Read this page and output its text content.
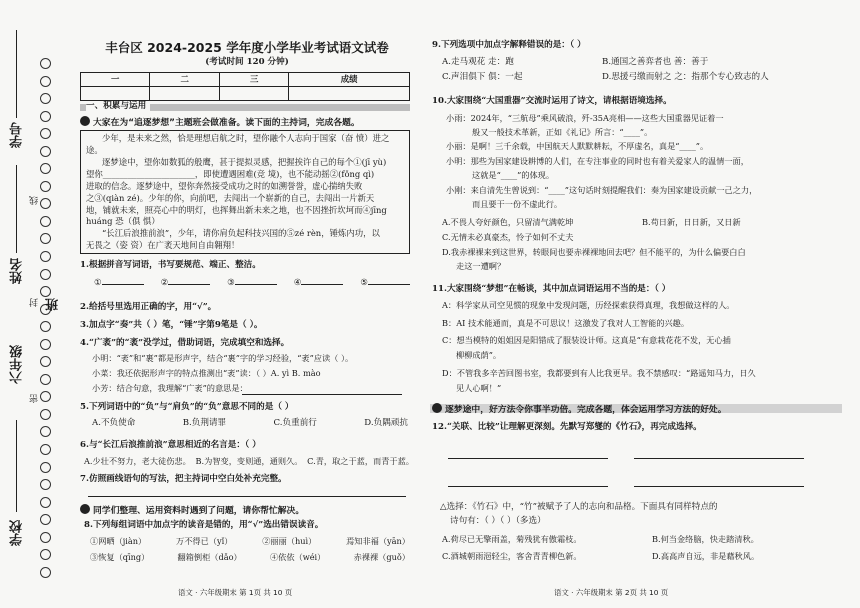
学号
线
姓名
封 班
六年级
密
学校
丰台区 2024-2025 学年度小学毕业考试语文试卷
(考试时间 120 分钟)
一	二	三	成绩

一、积累与运用
大家在为“追逐梦想”主题班会做准备。读下面的主持词，完成各题。

少年，是未来之然，恰是理想启航之时，望你融个人志向于国家（奋 愤）进之途。

逐梦途中，望你如数狐的般鹰，甚于提拟灵感，把握挨许自己的每个①(jī yù)

望你______________________，即使遭遇困难(竞 境)，也不能动摇②(fǒng qì)

进取的信念。逐梦途中，望你奔然接受成功之时的如溯誉誉，虚心揣纳失败

之③(qiàn zé)。少年的你，向前吧，去闯出一个崭新的自己，去闯出一片新天

地，铺就未来，照亮心中的明灯，也挥舞出新未来之地，也不因挫折坎坷而④jīng

huáng 恐（俱 惧）

“长江后浪推前浪”，少年，请你肩负起科技兴国的⑤zé rèn，锤炼内功，以

无畏之（姿 资）在广袤天地间自由翱翔！

1.根据拼音写词语，书写要规范、端正、整洁。
①	②	③	④	⑤
2.给括号里选用正确的字，用“√”。
3.加点字“奏”共（ ）笔，“锤”字第9笔是（ ）。
4.“广袤”的“袤”没学过，借助词语，完成填空和选择。
小明：“袤”和“裹”都是形声字，结合“裹”字的学习经验，“袤”应读（ ）。
小菜：我还依据形声字的特点推测出“袤”读：（ ）A. yì B. mào
小芳：结合句意，我理解“广袤”的意思是：
5.下列词语中的“负”与“肩负”的“负”意思不同的是（ ）
A.不负使命	B.负荆请罪	C.负重前行	D.负隅顽抗
6.与“长江后浪推前浪”意思相近的名言是：（ ）
A.少壮不努力，老大徒伤悲。 B.为智变，变则通，通则久。 C.青，取之于蓝，而青于蓝。
7.仿照画线语句的写法，把主持词中空白处补充完整。
同学们整理、运用资料时遇到了问题，请你帮忙解决。
8.下列每组词语中加点字的读音是错的，用“√”选出错误读音。
①网晒（jiàn）	万不得已（yǐ）	②丽丽（huì）	焉知非福（yān）
③恢复（qīng）	翻箱倒柜（dǎo）	④依依（wéi）	赤裸裸（guǒ）
语文 · 六年级期末 第 1页 共 10 页
9.下列选项中加点字解释错误的是：（ ）
A.走马观花 走：跑	B.通国之善弈者也 善：善于
C.声泪俱下 俱：一起	D.思援弓缴而射之 之：指那个专心致志的人
10.大家围绕“大国重器”交流时运用了诗文，请根据语境选择。
小雨：2024年，“三航母”乘风破浪，歼-35A亮相——这些大国重器见证着一
般又一般技术革新，正如《礼记》所言：“____”。
小丽：是啊！三千余载，中国航天人默默耕耘，不厚虚名，真是“____”。
小明：那些为国家建设耕博的人们，在专注事业的同时也有着关爱家人的温情一面，
这就是“____”的体现。
小刚：来自清先生曾说到：“____”这句话时刻提醒我们：奏为国家建设贡献一己之力，
而且要干一份不虚此行。
A.不畏人夸好颜色，只留清气满乾坤	B.苟日新，日日新，又日新
C.无情未必真豪杰，怜子如何不丈夫
D.我赤裸裸来到这世界，转眼间也要赤裸裸地回去吧？但不能平的，为什么偏要白白
走这一遭啊？
11.大家围绕“梦想”在畅谈，其中加点词语运用不当的是：（ ）
A：科学家从司空见惯的现象中发现问题，历经探索获得真理，我想做这样的人。
B：AI 技术能通而，真是不可思议！这激发了我对人工智能的兴趣。
C：想当模特的姐姐因是阳错成了服装设计师。这真是“有意栽花花不发，无心插
柳柳成荫”。
D：不管我多辛苦回图书室，我都要到有人比我更早。我不禁感叹：“路遥知马力，日久
见人心啊！”
逐梦途中，好方法令你事半功倍。完成各题，体会运用学习方法的好处。
12.“关联、比较”让理解更深刻。先默写郑燮的《竹石》，再完成选择。
△选择：《竹石》中，“竹”被赋予了人的志向和品格。下面具有同样特点的
诗句有：（ ）（ ）（多选）
A.荷尽已无擎雨盖，菊残犹有傲霜枝。	B.何当金络脑，快走踏清秋。
C.酒城朝雨浥轻尘，客舍青青柳色新。	D.高高声自远，非是藉秋风。
语文 · 六年级期末 第 2页 共 10 页
